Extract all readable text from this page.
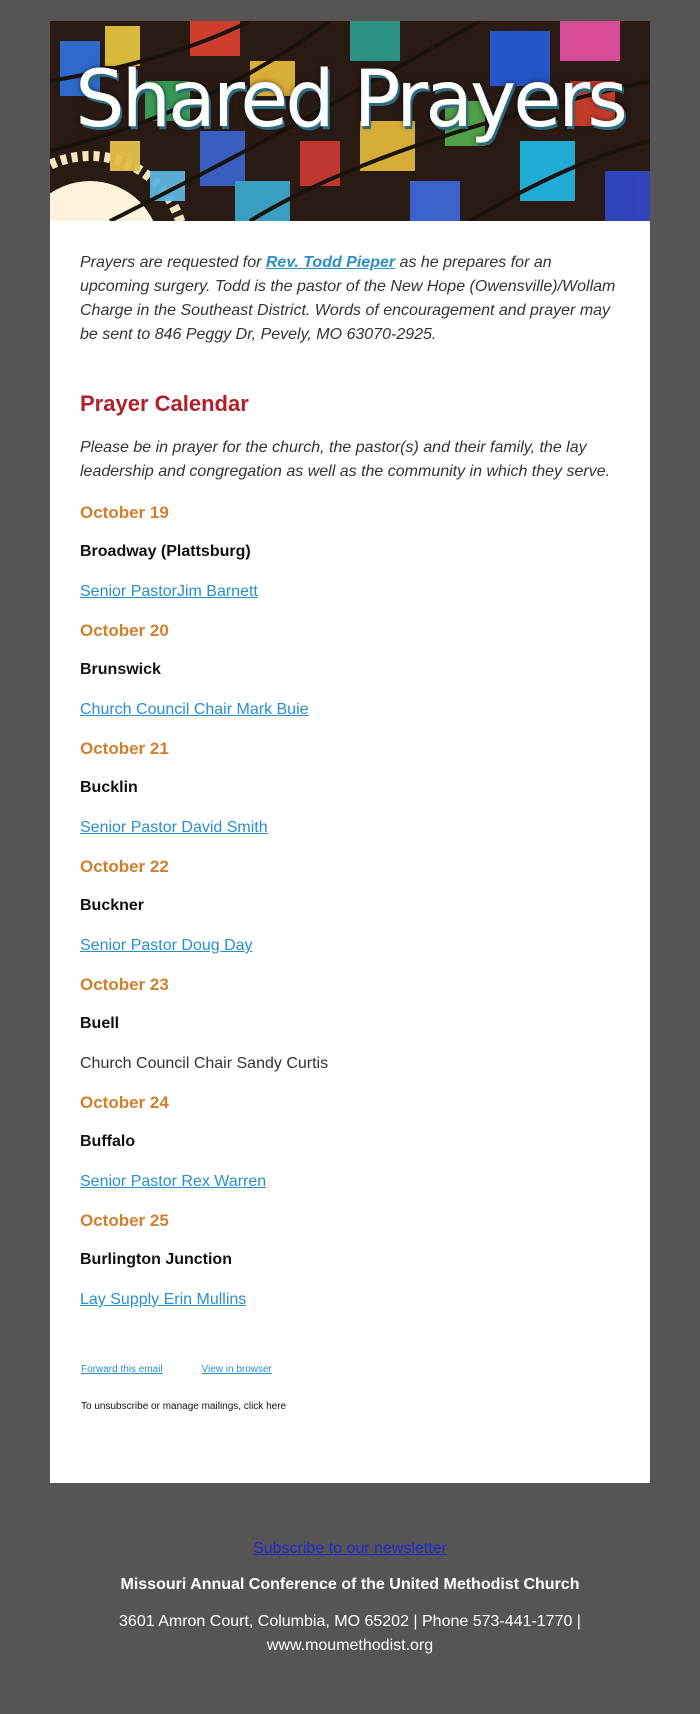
Shared Prayers

Prayers are requested for Rev. Todd Pieper as he prepares for an upcoming surgery. Todd is the pastor of the New Hope (Owensville)/Wollam Charge in the Southeast District. Words of encouragement and prayer may be sent to 846 Peggy Dr, Pevely, MO 63070-2925.

Prayer Calendar

Please be in prayer for the church, the pastor(s) and their family, the lay leadership and congregation as well as the community in which they serve.

October 19
Broadway (Plattsburg)
Senior PastorJim Barnett
October 20
Brunswick
Church Council Chair Mark Buie
October 21
Bucklin
Senior Pastor David Smith
October 22
Buckner
Senior Pastor Doug Day
October 23
Buell
Church Council Chair Sandy Curtis
October 24
Buffalo
Senior Pastor Rex Warren
October 25
Burlington Junction
Lay Supply Erin Mullins
Forward this email	View in browser
To unsubscribe or manage mailings, click here
Subscribe to our newsletter
Missouri Annual Conference of the United Methodist Church
3601 Amron Court, Columbia, MO 65202 | Phone 573-441-1770 |
www.moumethodist.org
